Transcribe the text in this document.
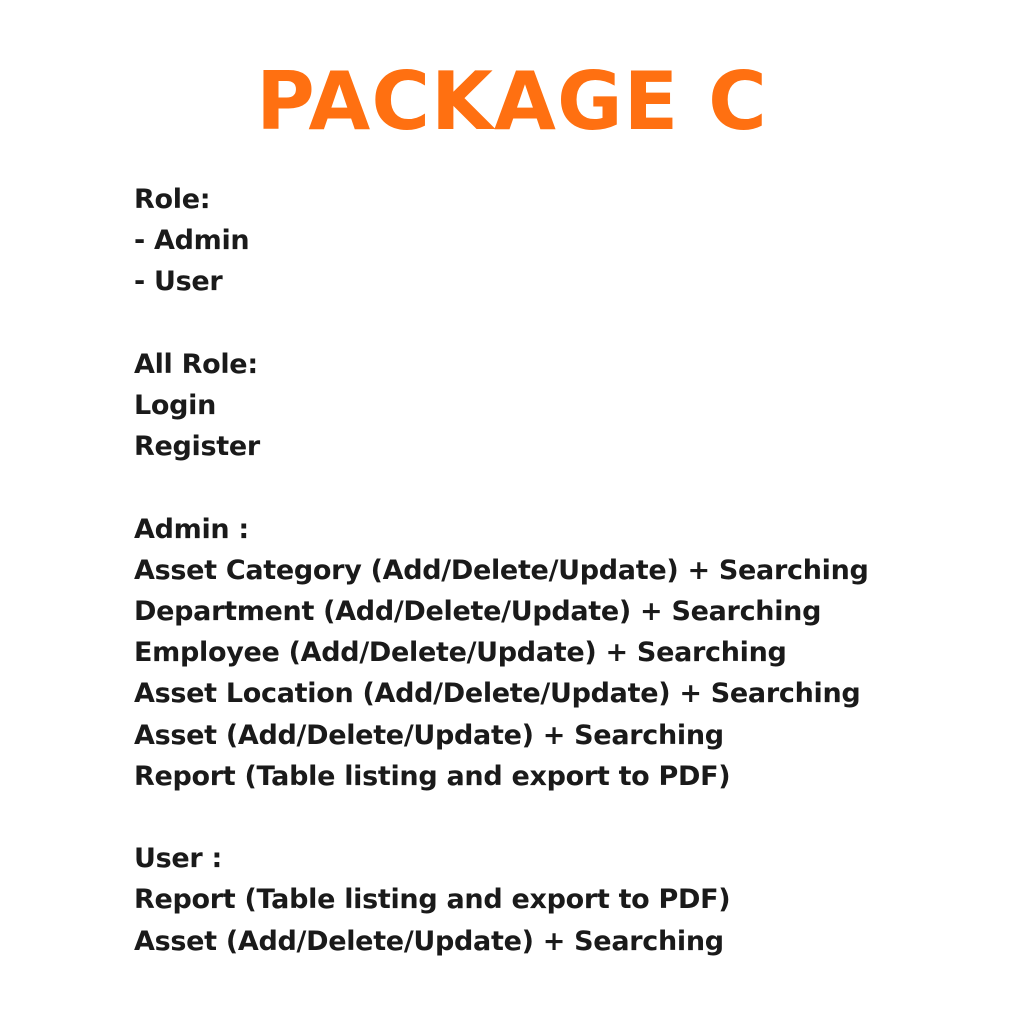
PACKAGE C
Role:
- Admin
- User
All Role:
Login
Register
Admin :
Asset Category (Add/Delete/Update) + Searching
Department (Add/Delete/Update) + Searching
Employee (Add/Delete/Update) + Searching
Asset Location (Add/Delete/Update) + Searching
Asset (Add/Delete/Update) + Searching
Report (Table listing and export to PDF)
User :
Report (Table listing and export to PDF)
Asset (Add/Delete/Update) + Searching
